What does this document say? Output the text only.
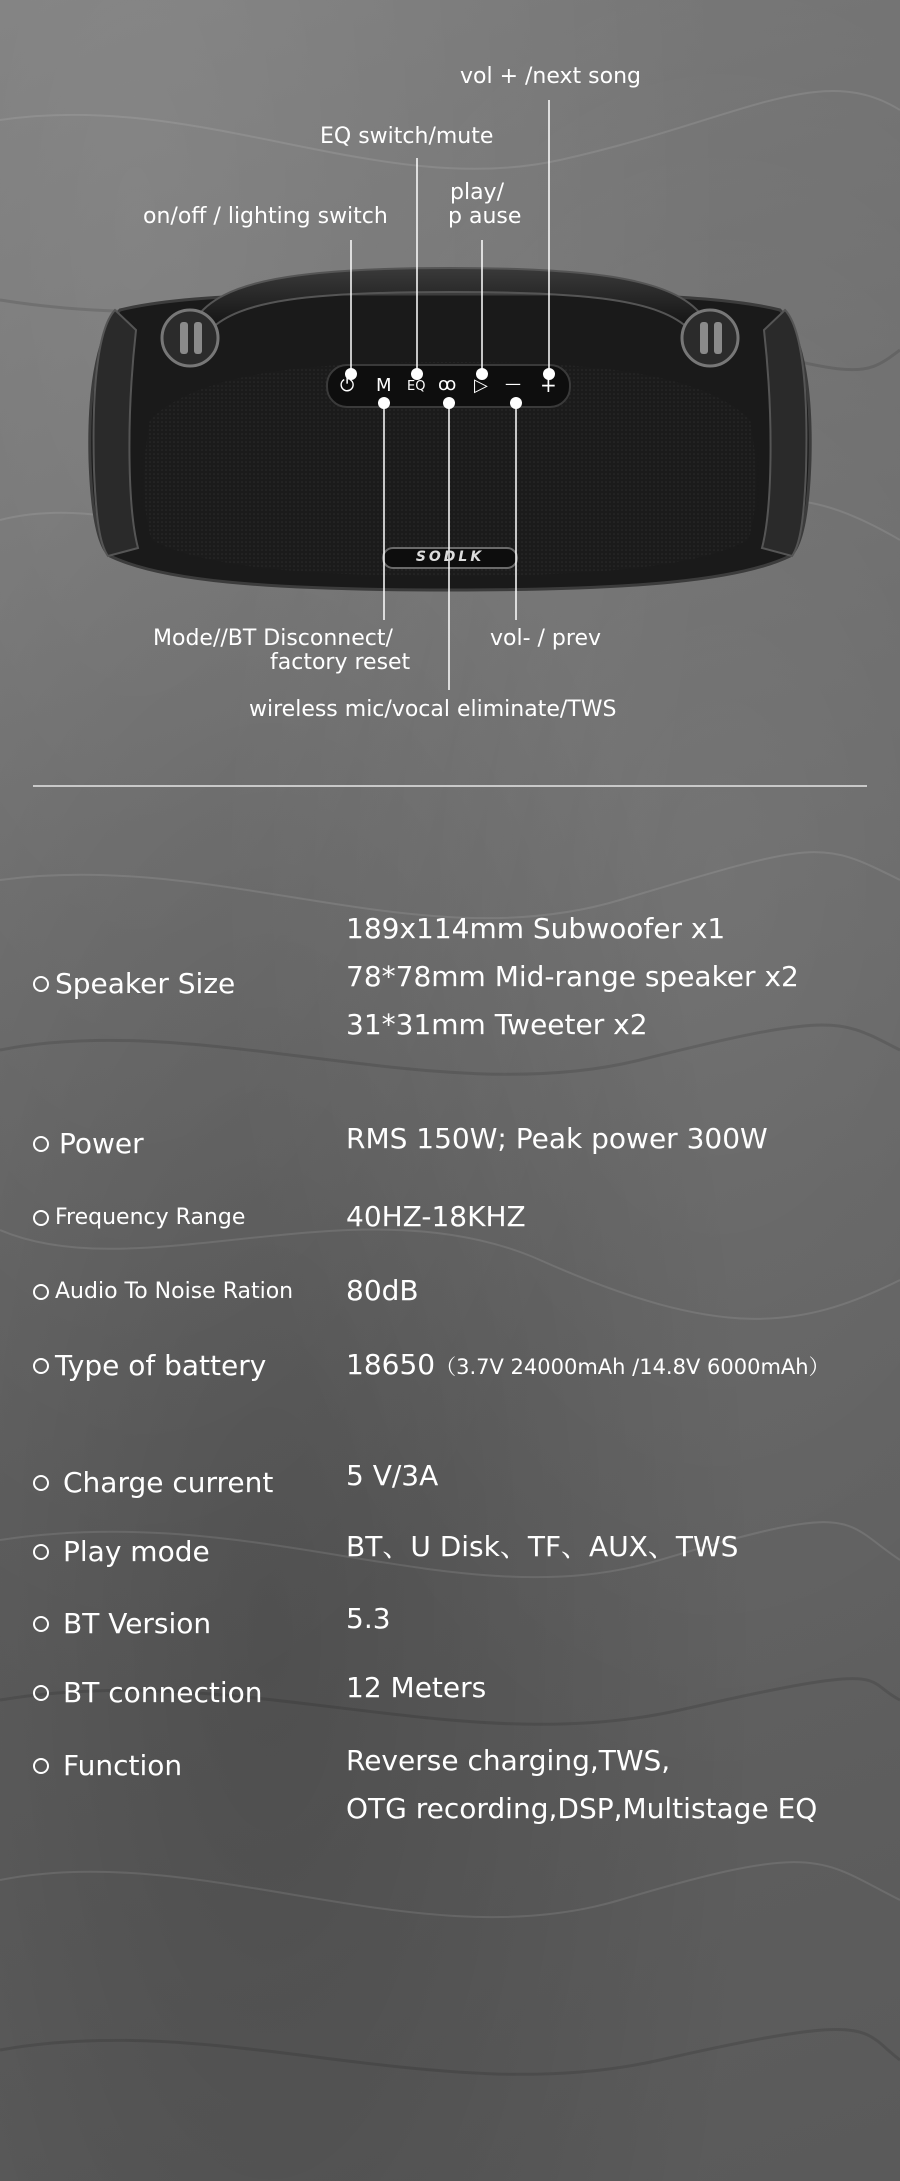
vol + /next song
EQ switch/mute
play/
p ause
on/off / lighting switch
Mode//BT Disconnect/
factory reset
vol- / prev
wireless mic/vocal eliminate/TWS
⏻ M EQ ꝏ ▷ — +
SODLK
Speaker Size
189x114mm Subwoofer x1
78*78mm Mid-range speaker x2
31*31mm Tweeter x2
Power	RMS 150W; Peak power 300W
Frequency Range	40HZ-18KHZ
Audio To Noise Ration 80dB
Type of battery	18650（3.7V 24000mAh /14.8V 6000mAh）
Charge current	5 V/3A
Play mode	BT、U Disk、TF、AUX、TWS
BT Version	5.3
BT connection	12 Meters
Function	Reverse charging,TWS,
OTG recording,DSP,Multistage EQ
